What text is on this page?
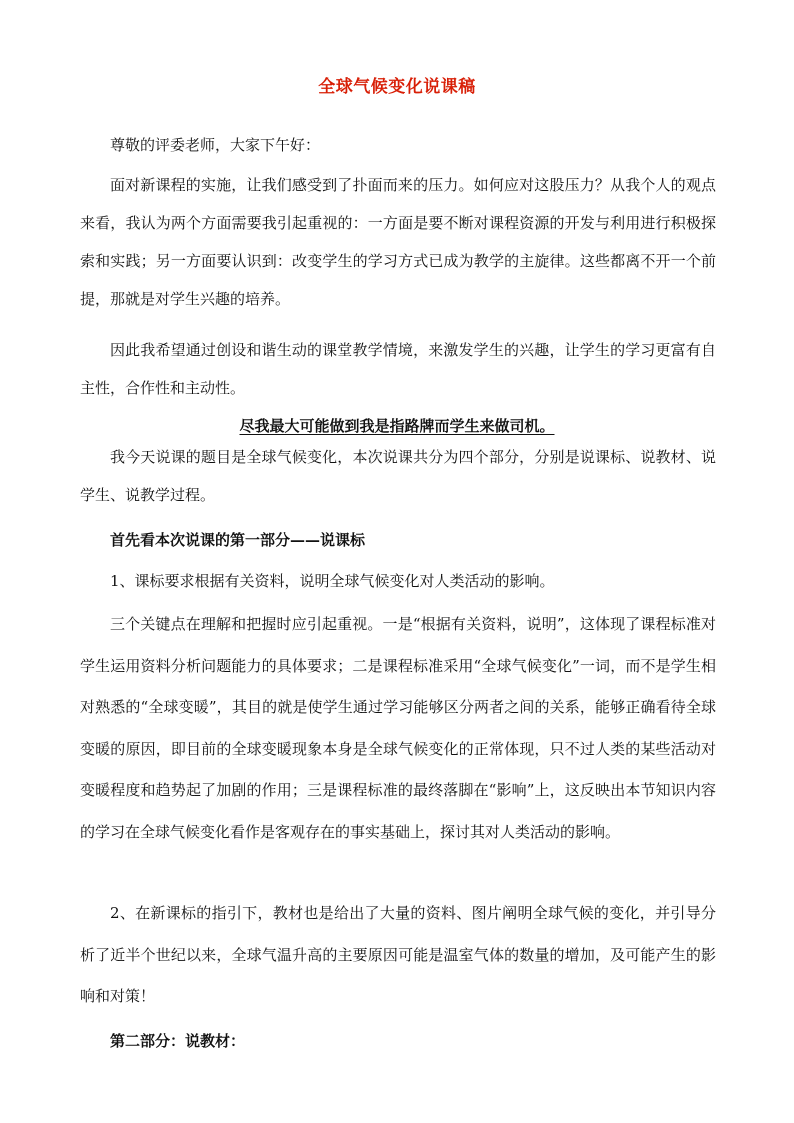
全球气候变化说课稿

尊敬的评委老师，大家下午好：

面对新课程的实施，让我们感受到了扑面而来的压力。如何应对这股压力？从我个人的观点来看，我认为两个方面需要我引起重视的：一方面是要不断对课程资源的开发与利用进行积极探索和实践；另一方面要认识到：改变学生的学习方式已成为教学的主旋律。这些都离不开一个前提，那就是对学生兴趣的培养。

因此我希望通过创设和谐生动的课堂教学情境，来激发学生的兴趣，让学生的学习更富有自主性，合作性和主动性。

尽我最大可能做到我是指路牌而学生来做司机。

我今天说课的题目是全球气候变化，本次说课共分为四个部分，分别是说课标、说教材、说学生、说教学过程。

首先看本次说课的第一部分——说课标

1、课标要求根据有关资料，说明全球气候变化对人类活动的影响。

三个关键点在理解和把握时应引起重视。一是“根据有关资料，说明”，这体现了课程标准对学生运用资料分析问题能力的具体要求；二是课程标准采用“全球气候变化”一词，而不是学生相对熟悉的“全球变暖”，其目的就是使学生通过学习能够区分两者之间的关系，能够正确看待全球变暖的原因，即目前的全球变暖现象本身是全球气候变化的正常体现，只不过人类的某些活动对变暖程度和趋势起了加剧的作用；三是课程标准的最终落脚在“影响”上，这反映出本节知识内容的学习在全球气候变化看作是客观存在的事实基础上，探讨其对人类活动的影响。

2、在新课标的指引下，教材也是给出了大量的资料、图片阐明全球气候的变化，并引导分析了近半个世纪以来，全球气温升高的主要原因可能是温室气体的数量的增加，及可能产生的影响和对策！

第二部分：说教材：
